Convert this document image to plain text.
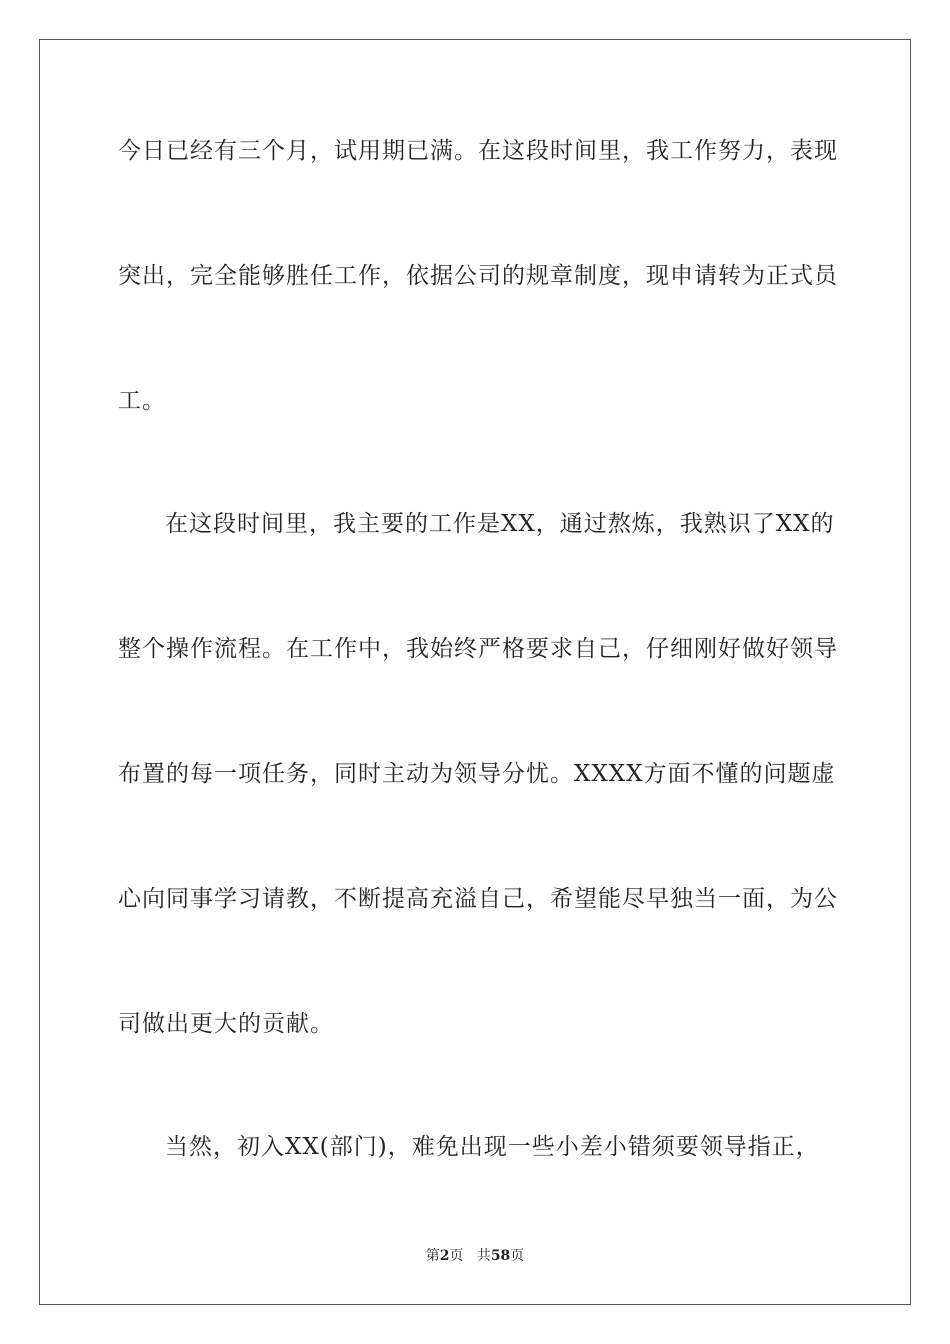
今日已经有三个月，试用期已满。在这段时间里，我工作努力，表现
突出，完全能够胜任工作，依据公司的规章制度，现申请转为正式员
工。
在这段时间里，我主要的工作是XX，通过熬炼，我熟识了XX的
整个操作流程。在工作中，我始终严格要求自己，仔细刚好做好领导
布置的每一项任务，同时主动为领导分忧。XXXX方面不懂的问题虚
心向同事学习请教，不断提高充溢自己，希望能尽早独当一面，为公
司做出更大的贡献。
当然，初入XX(部门)，难免出现一些小差小错须要领导指正，
第2页 共58页
